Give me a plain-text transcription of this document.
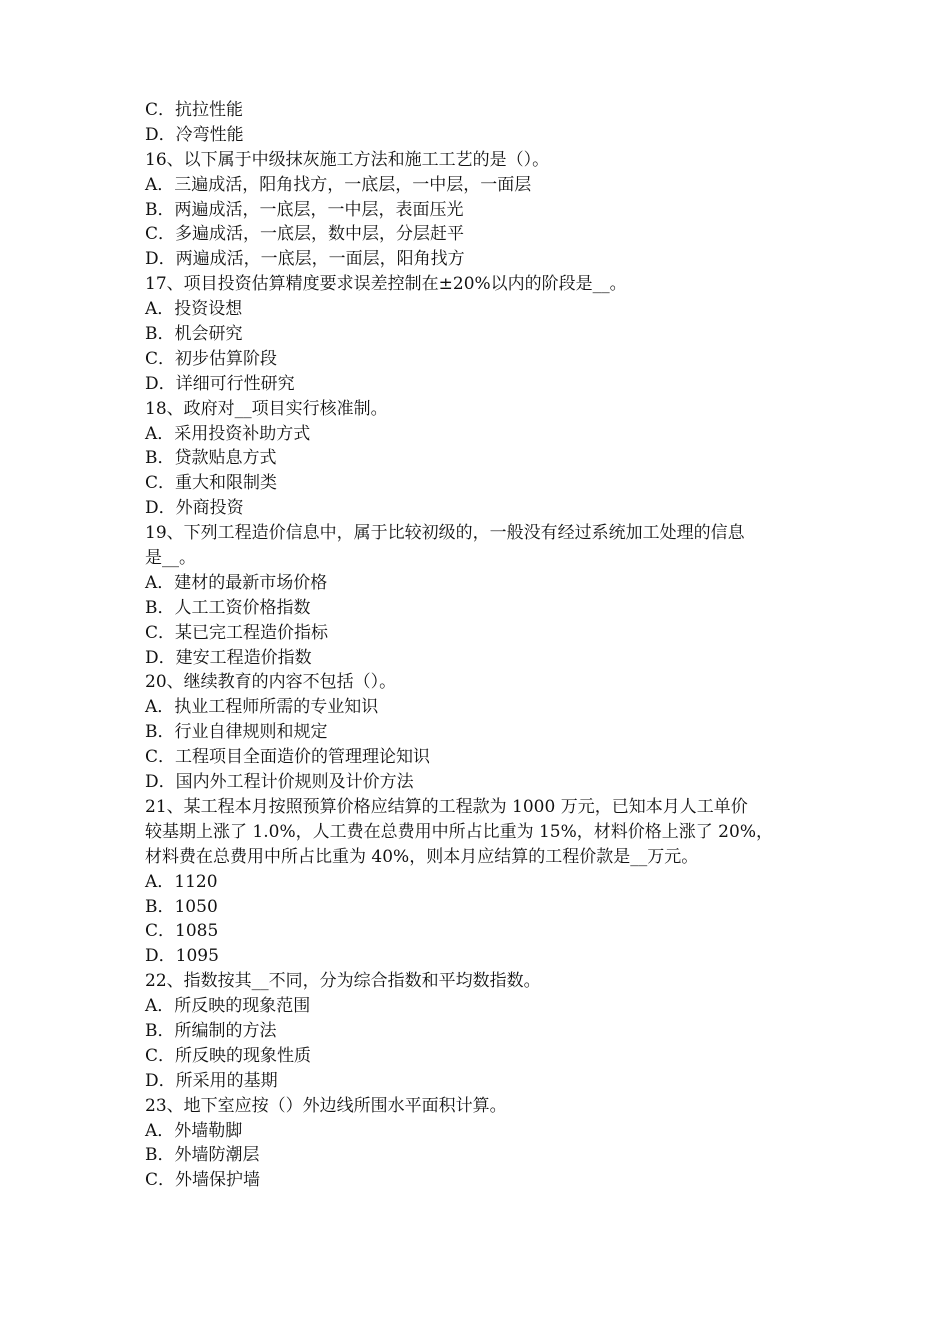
C．抗拉性能
D．冷弯性能
16、以下属于中级抹灰施工方法和施工工艺的是（）。
A．三遍成活，阳角找方，一底层，一中层，一面层
B．两遍成活，一底层，一中层，表面压光
C．多遍成活，一底层，数中层，分层赶平
D．两遍成活，一底层，一面层，阳角找方
17、项目投资估算精度要求误差控制在±20%以内的阶段是__。
A．投资设想
B．机会研究
C．初步估算阶段
D．详细可行性研究
18、政府对__项目实行核准制。
A．采用投资补助方式
B．贷款贴息方式
C．重大和限制类
D．外商投资
19、下列工程造价信息中，属于比较初级的，一般没有经过系统加工处理的信息
是__。
A．建材的最新市场价格
B．人工工资价格指数
C．某已完工程造价指标
D．建安工程造价指数
20、继续教育的内容不包括（）。
A．执业工程师所需的专业知识
B．行业自律规则和规定
C．工程项目全面造价的管理理论知识
D．国内外工程计价规则及计价方法
21、某工程本月按照预算价格应结算的工程款为 1000 万元，已知本月人工单价
较基期上涨了 1.0%，人工费在总费用中所占比重为 15%，材料价格上涨了 20%，
材料费在总费用中所占比重为 40%，则本月应结算的工程价款是__万元。
A．1120
B．1050
C．1085
D．1095
22、指数按其__不同，分为综合指数和平均数指数。
A．所反映的现象范围
B．所编制的方法
C．所反映的现象性质
D．所采用的基期
23、地下室应按（）外边线所围水平面积计算。
A．外墙勒脚
B．外墙防潮层
C．外墙保护墙
